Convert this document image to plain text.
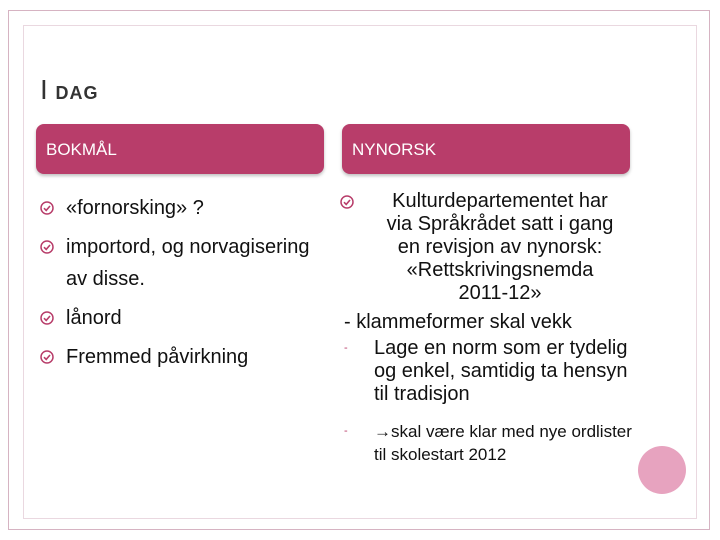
I DAG
BOKMÅL	NYNORSK
«fornorsking» ?
importord, og norvagisering av disse.
lånord
Fremmed påvirkning
Kulturdepartementet har
via Språkrådet satt i gang
en revisjon av nynorsk:
«Rettskrivingsnemda
2011-12»
- klammeformer skal vekk
- Lage en norm som er tydelig og enkel, samtidig ta hensyn til tradisjon
- →skal være klar med nye ordlister til skolestart 2012
